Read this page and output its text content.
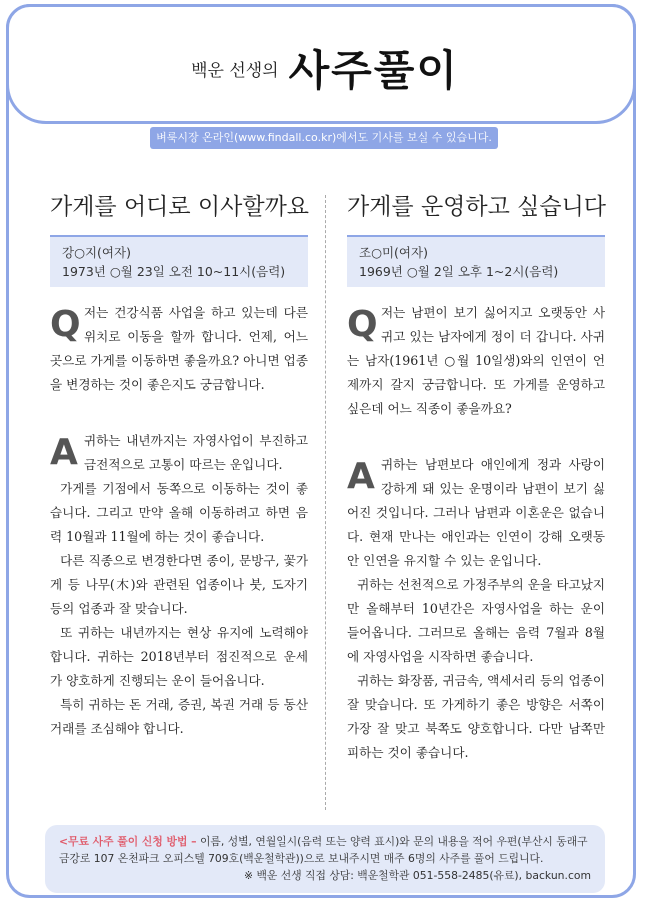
백운 선생의 사주풀이
벼룩시장 온라인(www.findall.co.kr)에서도 기사를 보실 수 있습니다.
가게를 어디로 이사할까요
강○지(여자)
1973년 ○월 23일 오전 10~11시(음력)
Q 저는 건강식품 사업을 하고 있는데 다른 위치로 이동을 할까 합니다. 언제, 어느 곳으로 가게를 이동하면 좋을까요? 아니면 업종을 변경하는 것이 좋은지도 궁금합니다.

A 귀하는 내년까지는 자영사업이 부진하고 금전적으로 고통이 따르는 운입니다.

가게를 기점에서 동쪽으로 이동하는 것이 좋습니다. 그리고 만약 올해 이동하려고 하면 음력 10월과 11월에 하는 것이 좋습니다.

다른 직종으로 변경한다면 종이, 문방구, 꽃가게 등 나무(木)와 관련된 업종이나 붓, 도자기 등의 업종과 잘 맞습니다.

또 귀하는 내년까지는 현상 유지에 노력해야 합니다. 귀하는 2018년부터 점진적으로 운세가 양호하게 진행되는 운이 들어옵니다.

특히 귀하는 돈 거래, 증권, 복권 거래 등 동산 거래를 조심해야 합니다.

가게를 운영하고 싶습니다
조○미(여자)
1969년 ○월 2일 오후 1~2시(음력)
Q 저는 남편이 보기 싫어지고 오랫동안 사귀고 있는 남자에게 정이 더 갑니다. 사귀는 남자(1961년 ○월 10일생)와의 인연이 언제까지 갈지 궁금합니다. 또 가게를 운영하고 싶은데 어느 직종이 좋을까요?

A 귀하는 남편보다 애인에게 정과 사랑이 강하게 돼 있는 운명이라 남편이 보기 싫어진 것입니다. 그러나 남편과 이혼운은 없습니다. 현재 만나는 애인과는 인연이 강해 오랫동안 인연을 유지할 수 있는 운입니다.

귀하는 선천적으로 가정주부의 운을 타고났지만 올해부터 10년간은 자영사업을 하는 운이 들어옵니다. 그러므로 올해는 음력 7월과 8월에 자영사업을 시작하면 좋습니다.

귀하는 화장품, 귀금속, 액세서리 등의 업종이 잘 맞습니다. 또 가게하기 좋은 방향은 서쪽이 가장 잘 맞고 북쪽도 양호합니다. 다만 남쪽만 피하는 것이 좋습니다.

<무료 사주 풀이 신청 방법 – 이름, 성별, 연월일시(음력 또는 양력 표시)와 문의 내용을 적어 우편(부산시 동래구 금강로 107 온천파크 오피스텔 709호(백운철학관))으로 보내주시면 매주 6명의 사주를 풀어 드립니다.
※ 백운 선생 직접 상담: 백운철학관 051-558-2485(유료), backun.com
